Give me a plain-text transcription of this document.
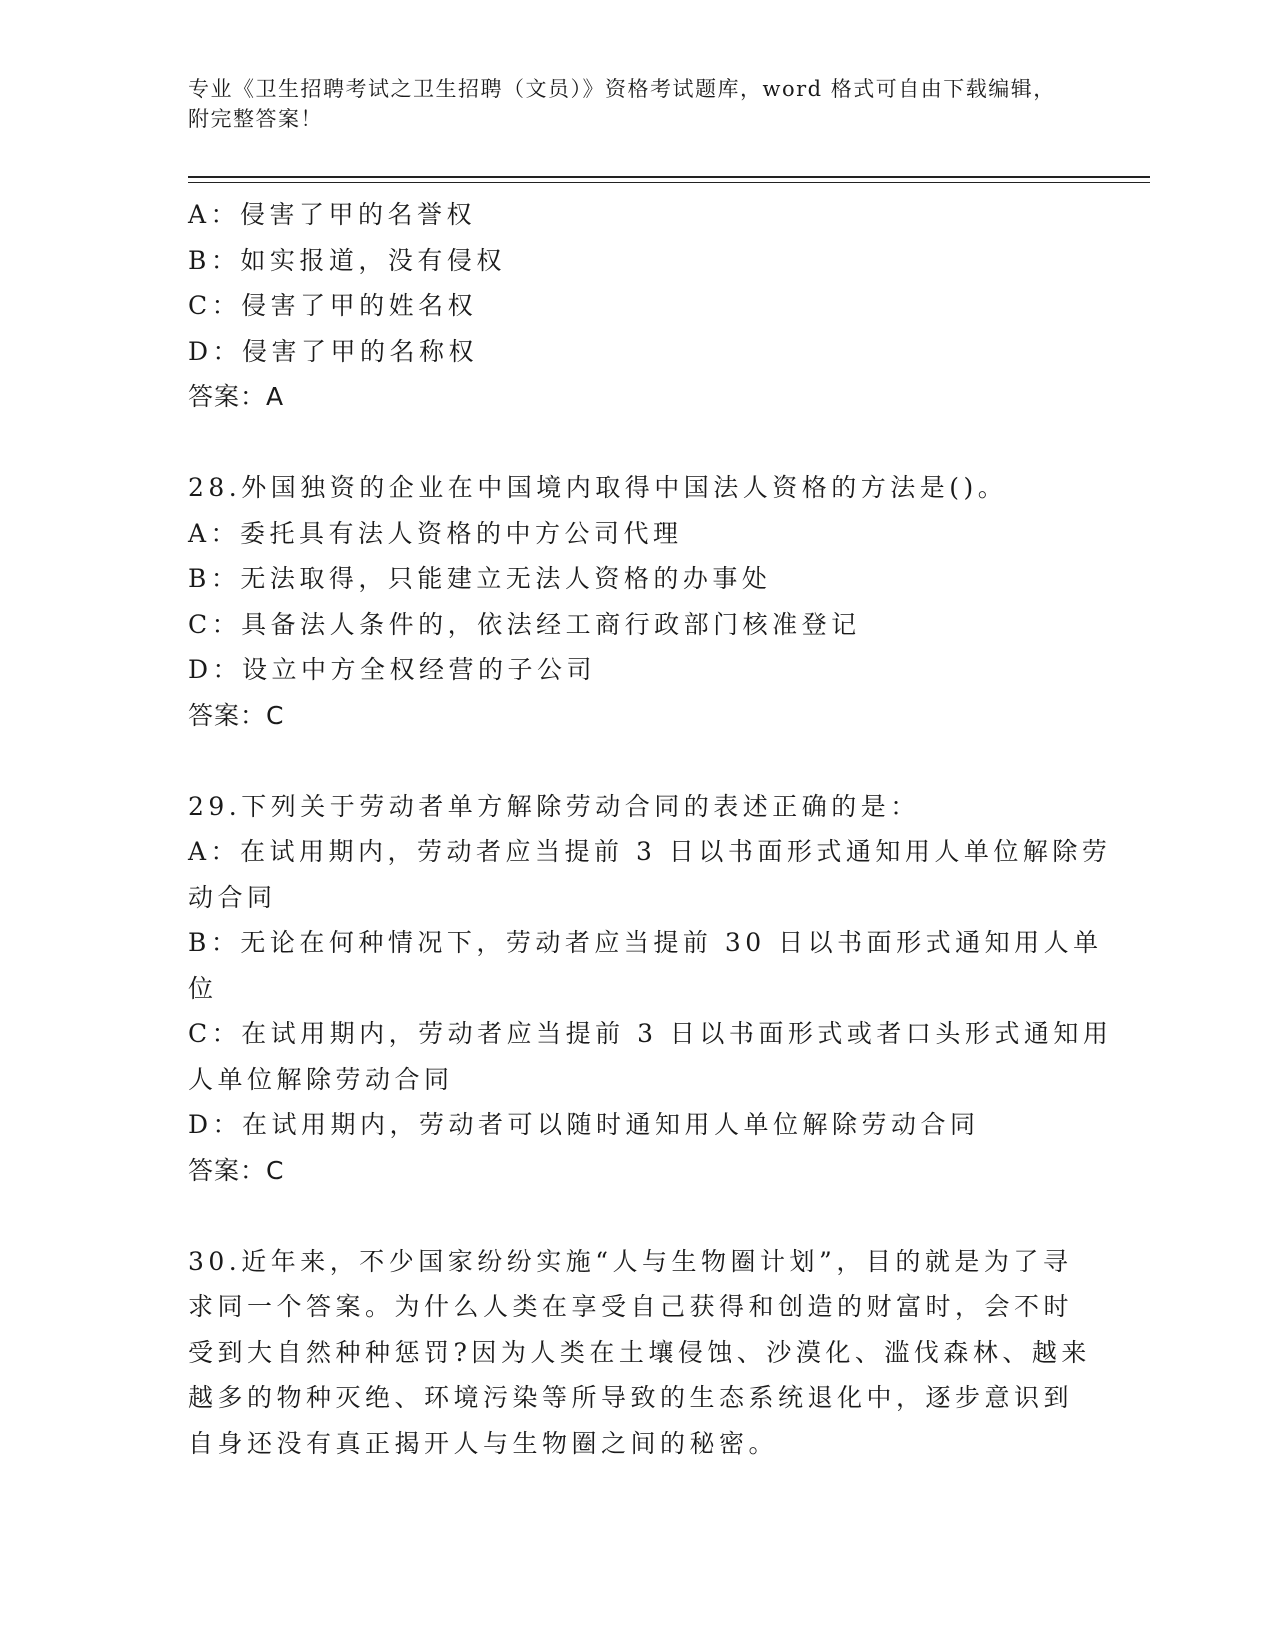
专业《卫生招聘考试之卫生招聘（文员）》资格考试题库，word 格式可自由下载编辑，附完整答案！
A：侵害了甲的名誉权
B：如实报道，没有侵权
C：侵害了甲的姓名权
D：侵害了甲的名称权
答案：A
28.外国独资的企业在中国境内取得中国法人资格的方法是()。
A：委托具有法人资格的中方公司代理
B：无法取得，只能建立无法人资格的办事处
C：具备法人条件的，依法经工商行政部门核准登记
D：设立中方全权经营的子公司
答案：C
29.下列关于劳动者单方解除劳动合同的表述正确的是：
A：在试用期内，劳动者应当提前 3 日以书面形式通知用人单位解除劳
动合同
B：无论在何种情况下，劳动者应当提前 30 日以书面形式通知用人单
位
C：在试用期内，劳动者应当提前 3 日以书面形式或者口头形式通知用
人单位解除劳动合同
D：在试用期内，劳动者可以随时通知用人单位解除劳动合同
答案：C
30.近年来，不少国家纷纷实施“人与生物圈计划”，目的就是为了寻
求同一个答案。为什么人类在享受自己获得和创造的财富时，会不时
受到大自然种种惩罚?因为人类在土壤侵蚀、沙漠化、滥伐森林、越来
越多的物种灭绝、环境污染等所导致的生态系统退化中，逐步意识到
自身还没有真正揭开人与生物圈之间的秘密。
